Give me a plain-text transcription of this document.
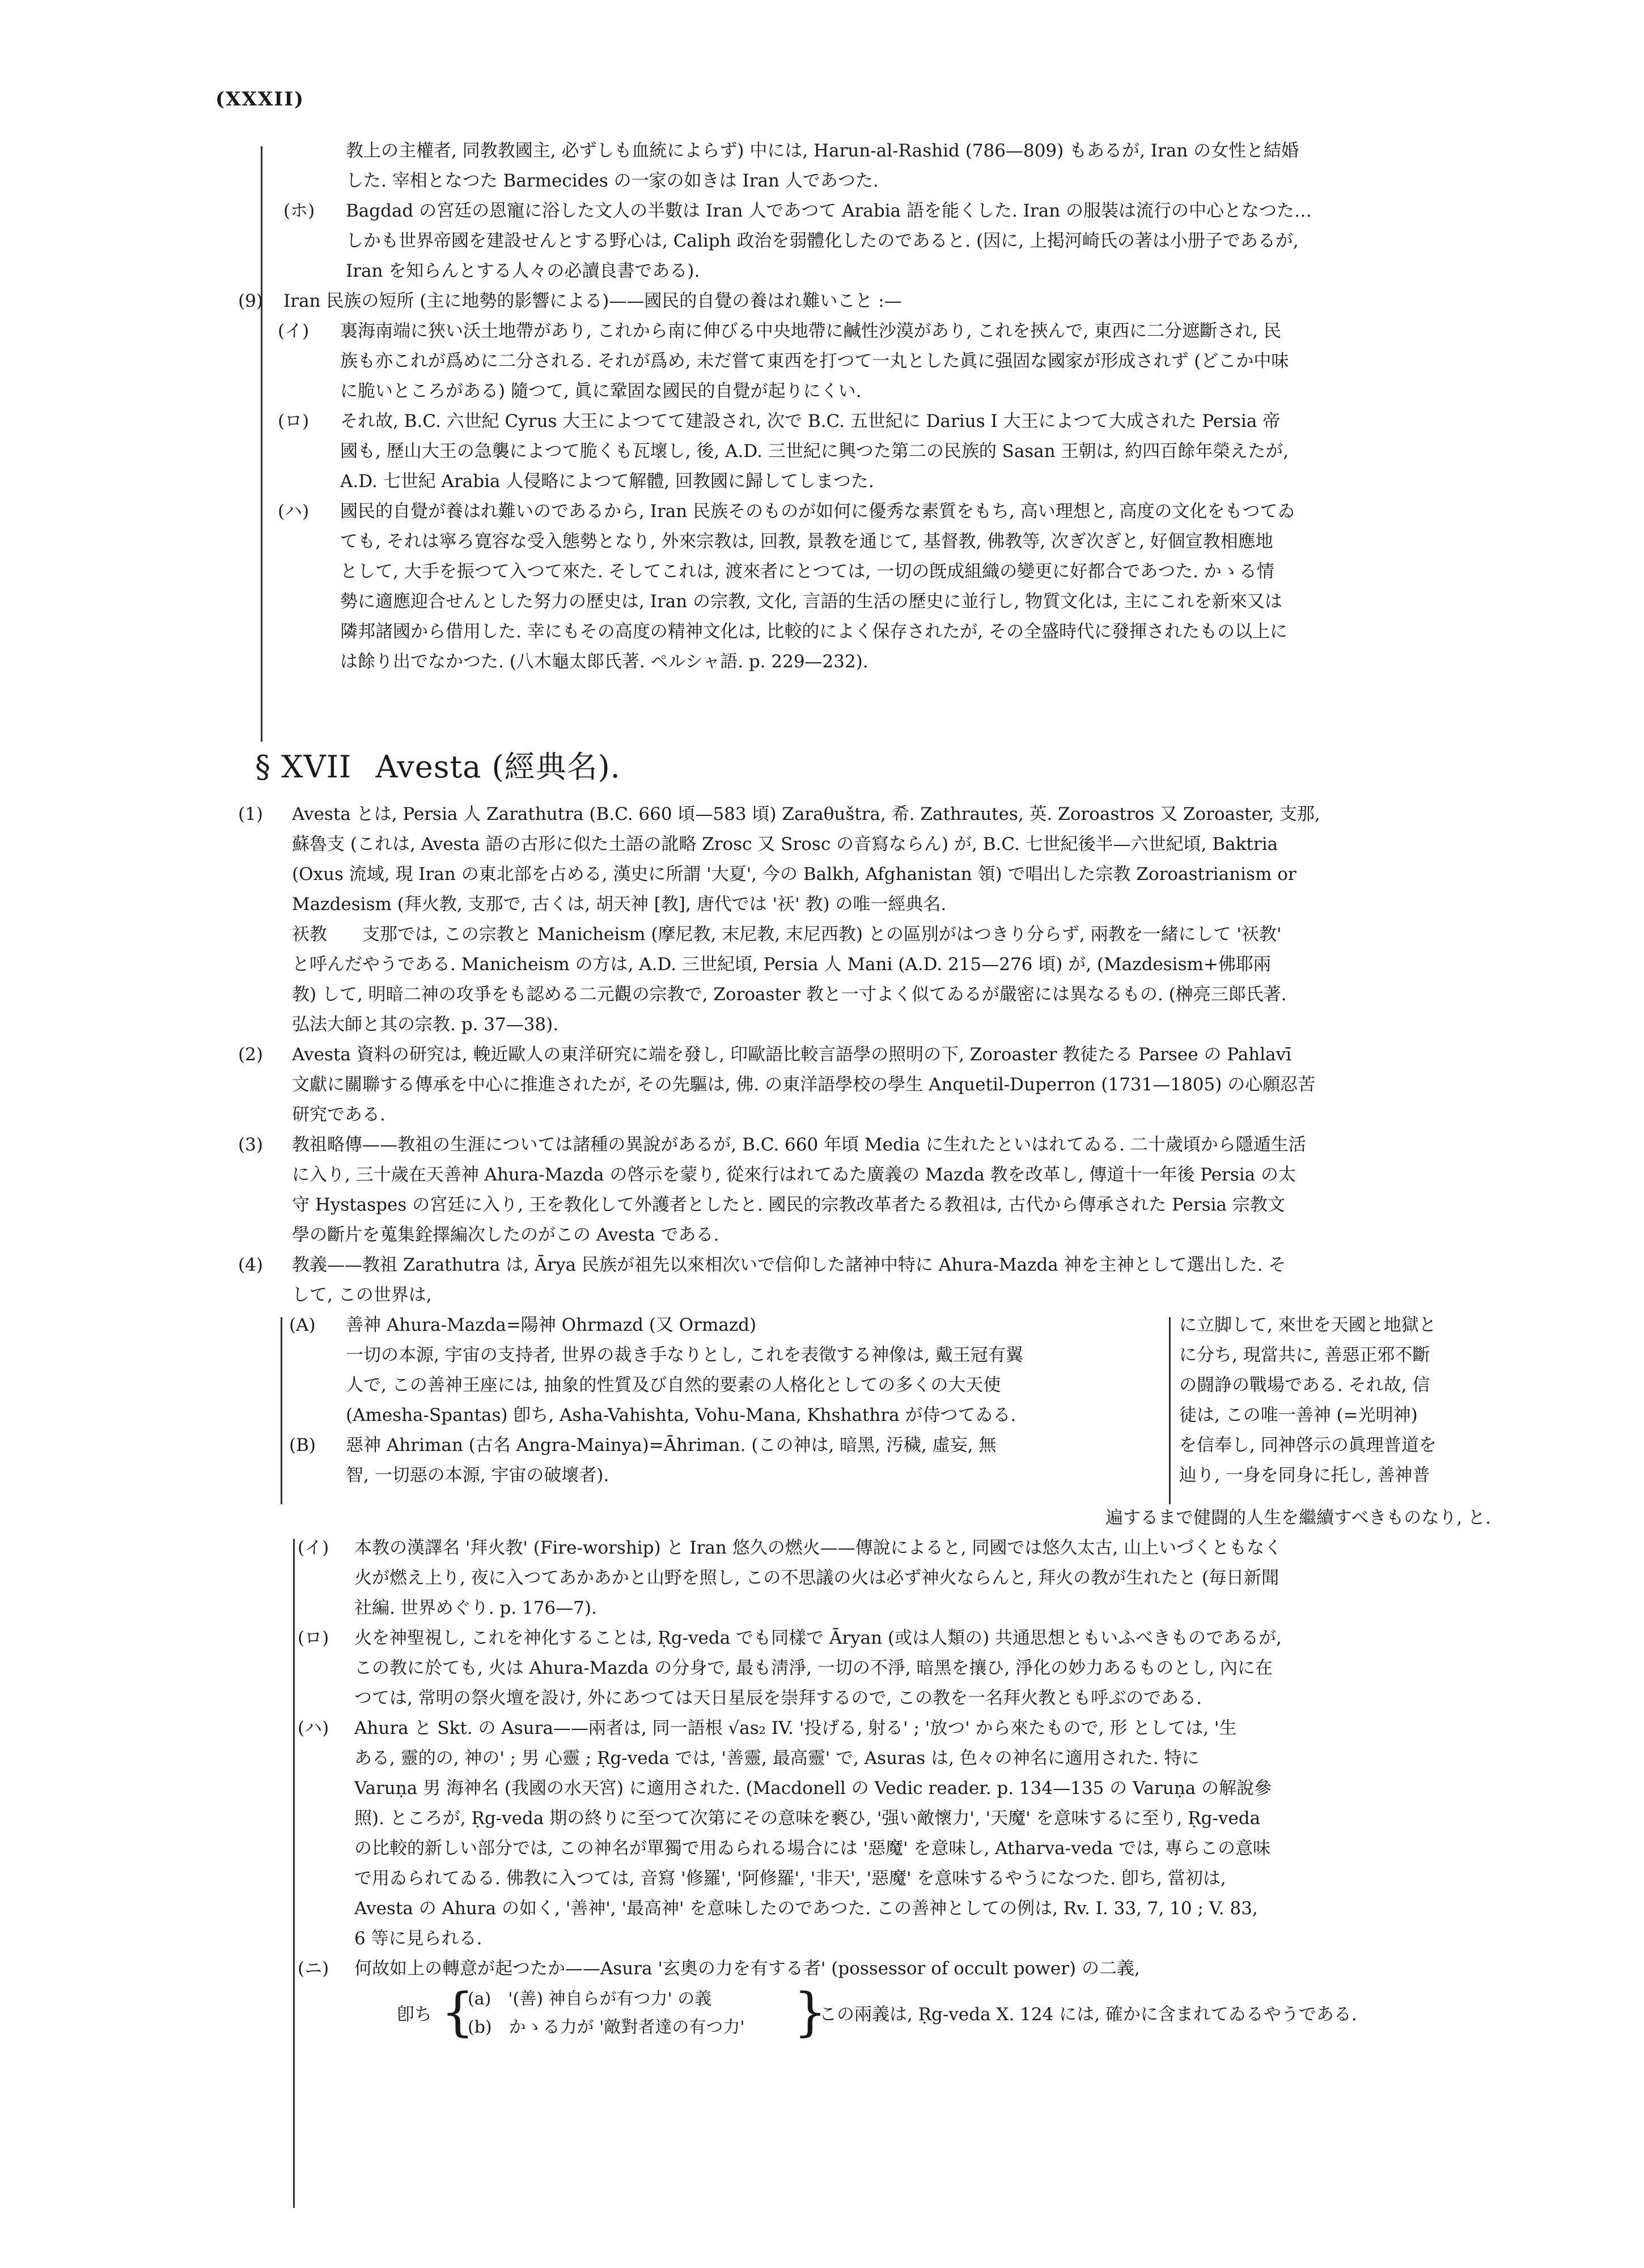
(XXXII)
教上の主權者, 同教教國主, 必ずしも血統によらず) 中には, Harun-al-Rashid (786—809) もあるが, Iran の女性と結婚
した. 宰相となつた Barmecides の一家の如きは Iran 人であつた.
(ホ) Bagdad の宮廷の恩寵に浴した文人の半數は Iran 人であつて Arabia 語を能くした. Iran の服裝は流行の中心となつた…
しかも世界帝國を建設せんとする野心は, Caliph 政治を弱體化したのであると. (因に, 上掲河崎氏の著は小册子であるが,
Iran を知らんとする人々の必讀良書である).
(9) Iran 民族の短所 (主に地勢的影響による)——國民的自覺の養はれ難いこと :—
(イ) 裏海南端に狹い沃土地帶があり, これから南に伸びる中央地帶に鹹性沙漠があり, これを挾んで, 東西に二分遮斷され, 民
族も亦これが爲めに二分される. それが爲め, 未だ嘗て東西を打つて一丸とした眞に强固な國家が形成されず (どこか中味
に脆いところがある) 隨つて, 眞に鞏固な國民的自覺が起りにくい.
(ロ) それ故, B.C. 六世紀 Cyrus 大王によつてて建設され, 次で B.C. 五世紀に Darius I 大王によつて大成された Persia 帝
國も, 歷山大王の急襲によつて脆くも瓦壞し, 後, A.D. 三世紀に興つた第二の民族的 Sasan 王朝は, 約四百餘年榮えたが,
A.D. 七世紀 Arabia 人侵略によつて解體, 回教國に歸してしまつた.
(ハ) 國民的自覺が養はれ難いのであるから, Iran 民族そのものが如何に優秀な素質をもち, 高い理想と, 高度の文化をもつてゐ
ても, それは寧ろ寛容な受入態勢となり, 外來宗教は, 回教, 景教を通じて, 基督教, 佛教等, 次ぎ次ぎと, 好個宣教相應地
として, 大手を振つて入つて來た. そしてこれは, 渡來者にとつては, 一切の旣成組織の變更に好都合であつた. かゝる情
勢に適應迎合せんとした努力の歷史は, Iran の宗教, 文化, 言語的生活の歷史に並行し, 物質文化は, 主にこれを新來又は
隣邦諸國から借用した. 幸にもその高度の精神文化は, 比較的によく保存されたが, その全盛時代に發揮されたもの以上に
は餘り出でなかつた. (八木龜太郞氏著. ペルシャ語. p. 229—232).
§ XVII Avesta (經典名).
(1) Avesta とは, Persia 人 Zarathutra (B.C. 660 頃—583 頃) Zaraθuštra, 希. Zathrautes, 英. Zoroastros 又 Zoroaster, 支那,
蘇魯支 (これは, Avesta 語の古形に似た土語の訛略 Zrosc 又 Srosc の音寫ならん) が, B.C. 七世紀後半—六世紀頃, Baktria
(Oxus 流域, 現 Iran の東北部を占める, 漢史に所謂 '大夏', 今の Balkh, Afghanistan 領) で唱出した宗教 Zoroastrianism or
Mazdesism (拜火教, 支那で, 古くは, 胡天神 [教], 唐代では '祆' 教) の唯一經典名.
祆教　　支那では, この宗教と Manicheism (摩尼教, 末尼教, 末尼西教) との區別がはつきり分らず, 兩教を一緒にして '祆教'
と呼んだやうである. Manicheism の方は, A.D. 三世紀頃, Persia 人 Mani (A.D. 215—276 頃) が, (Mazdesism+佛耶兩
教) して, 明暗二神の攻爭をも認める二元觀の宗教で, Zoroaster 教と一寸よく似てゐるが嚴密には異なるもの. (榊亮三郞氏著.
弘法大師と其の宗教. p. 37—38).
(2) Avesta 資料の研究は, 輓近歐人の東洋研究に端を發し, 印歐語比較言語學の照明の下, Zoroaster 教徒たる Parsee の Pahlavī
文獻に關聯する傳承を中心に推進されたが, その先驅は, 佛. の東洋語學校の學生 Anquetil-Duperron (1731—1805) の心願忍苦
研究である.
(3) 教祖略傳——教祖の生涯については諸種の異說があるが, B.C. 660 年頃 Media に生れたといはれてゐる. 二十歲頃から隱遁生活
に入り, 三十歲在天善神 Ahura-Mazda の啓示を蒙り, 從來行はれてゐた廣義の Mazda 教を改革し, 傳道十一年後 Persia の太
守 Hystaspes の宮廷に入り, 王を教化して外護者としたと. 國民的宗教改革者たる教祖は, 古代から傳承された Persia 宗教文
學の斷片を蒐集銓擇編次したのがこの Avesta である.
(4) 教義——教祖 Zarathutra は, Ārya 民族が祖先以來相次いで信仰した諸神中特に Ahura-Mazda 神を主神として選出した. そ
して, この世界は,
(A) 善神 Ahura-Mazda=陽神 Ohrmazd (又 Ormazd)
一切の本源, 宇宙の支持者, 世界の裁き手なりとし, これを表徵する神像は, 戴王冠有翼
人で, この善神王座には, 抽象的性質及び自然的要素の人格化としての多くの大天使
(Amesha-Spantas) 卽ち, Asha-Vahishta, Vohu-Mana, Khshathra が侍つてゐる.
(B) 惡神 Ahriman (古名 Angra-Mainya)=Āhriman. (この神は, 暗黑, 汚穢, 虛妄, 無
智, 一切惡の本源, 宇宙の破壞者).
に立脚して, 來世を天國と地獄と
に分ち, 現當共に, 善惡正邪不斷
の闘諍の戰場である. それ故, 信
徒は, この唯一善神 (=光明神)
を信奉し, 同神啓示の眞理普道を
辿り, 一身を同身に托し, 善神普
遍するまで健闘的人生を繼續すべきものなり, と.
(イ) 本教の漢譯名 '拜火教' (Fire-worship) と Iran 悠久の燃火——傳說によると, 同國では悠久太古, 山上いづくともなく
火が燃え上り, 夜に入つてあかあかと山野を照し, この不思議の火は必ず神火ならんと, 拜火の教が生れたと (毎日新聞
社編. 世界めぐり. p. 176—7).
(ロ) 火を神聖視し, これを神化することは, Ṛg-veda でも同樣で Āryan (或は人類の) 共通思想ともいふべきものであるが,
この教に於ても, 火は Ahura-Mazda の分身で, 最も淸淨, 一切の不淨, 暗黑を攘ひ, 淨化の妙力あるものとし, 內に在
つては, 常明の祭火壇を設け, 外にあつては天日星辰を崇拜するので, この教を一名拜火教とも呼ぶのである.
(ハ) Ahura と Skt. の Asura——兩者は, 同一語根 √as₂ IV. '投げる, 射る' ; '放つ' から來たもので, 形 としては, '生
ある, 靈的の, 神の' ; 男 心靈 ; Ṛg-veda では, '善靈, 最高靈' で, Asuras は, 色々の神名に適用された. 特に
Varuṇa 男 海神名 (我國の水天宮) に適用された. (Macdonell の Vedic reader. p. 134—135 の Varuṇa の解說參
照). ところが, Ṛg-veda 期の終りに至つて次第にその意味を褻ひ, '强い敵懷力', '天魔' を意味するに至り, Ṛg-veda
の比較的新しい部分では, この神名が單獨で用ゐられる場合には '惡魔' を意味し, Atharva-veda では, 專らこの意味
で用ゐられてゐる. 佛教に入つては, 音寫 '修羅', '阿修羅', '非天', '惡魔' を意味するやうになつた. 卽ち, 當初は,
Avesta の Ahura の如く, '善神', '最高神' を意味したのであつた. この善神としての例は, Rv. I. 33, 7, 10 ; V. 83,
6 等に見られる.
(ニ) 何故如上の轉意が起つたか——Asura '玄奧の力を有する者' (possessor of occult power) の二義,
卽ち {
(a)　'(善) 神自らが有つ力' の義
(b)　かゝる力が '敵對者達の有つ力' }
この兩義は, Ṛg-veda X. 124 には, 確かに含まれてゐるやうである.
